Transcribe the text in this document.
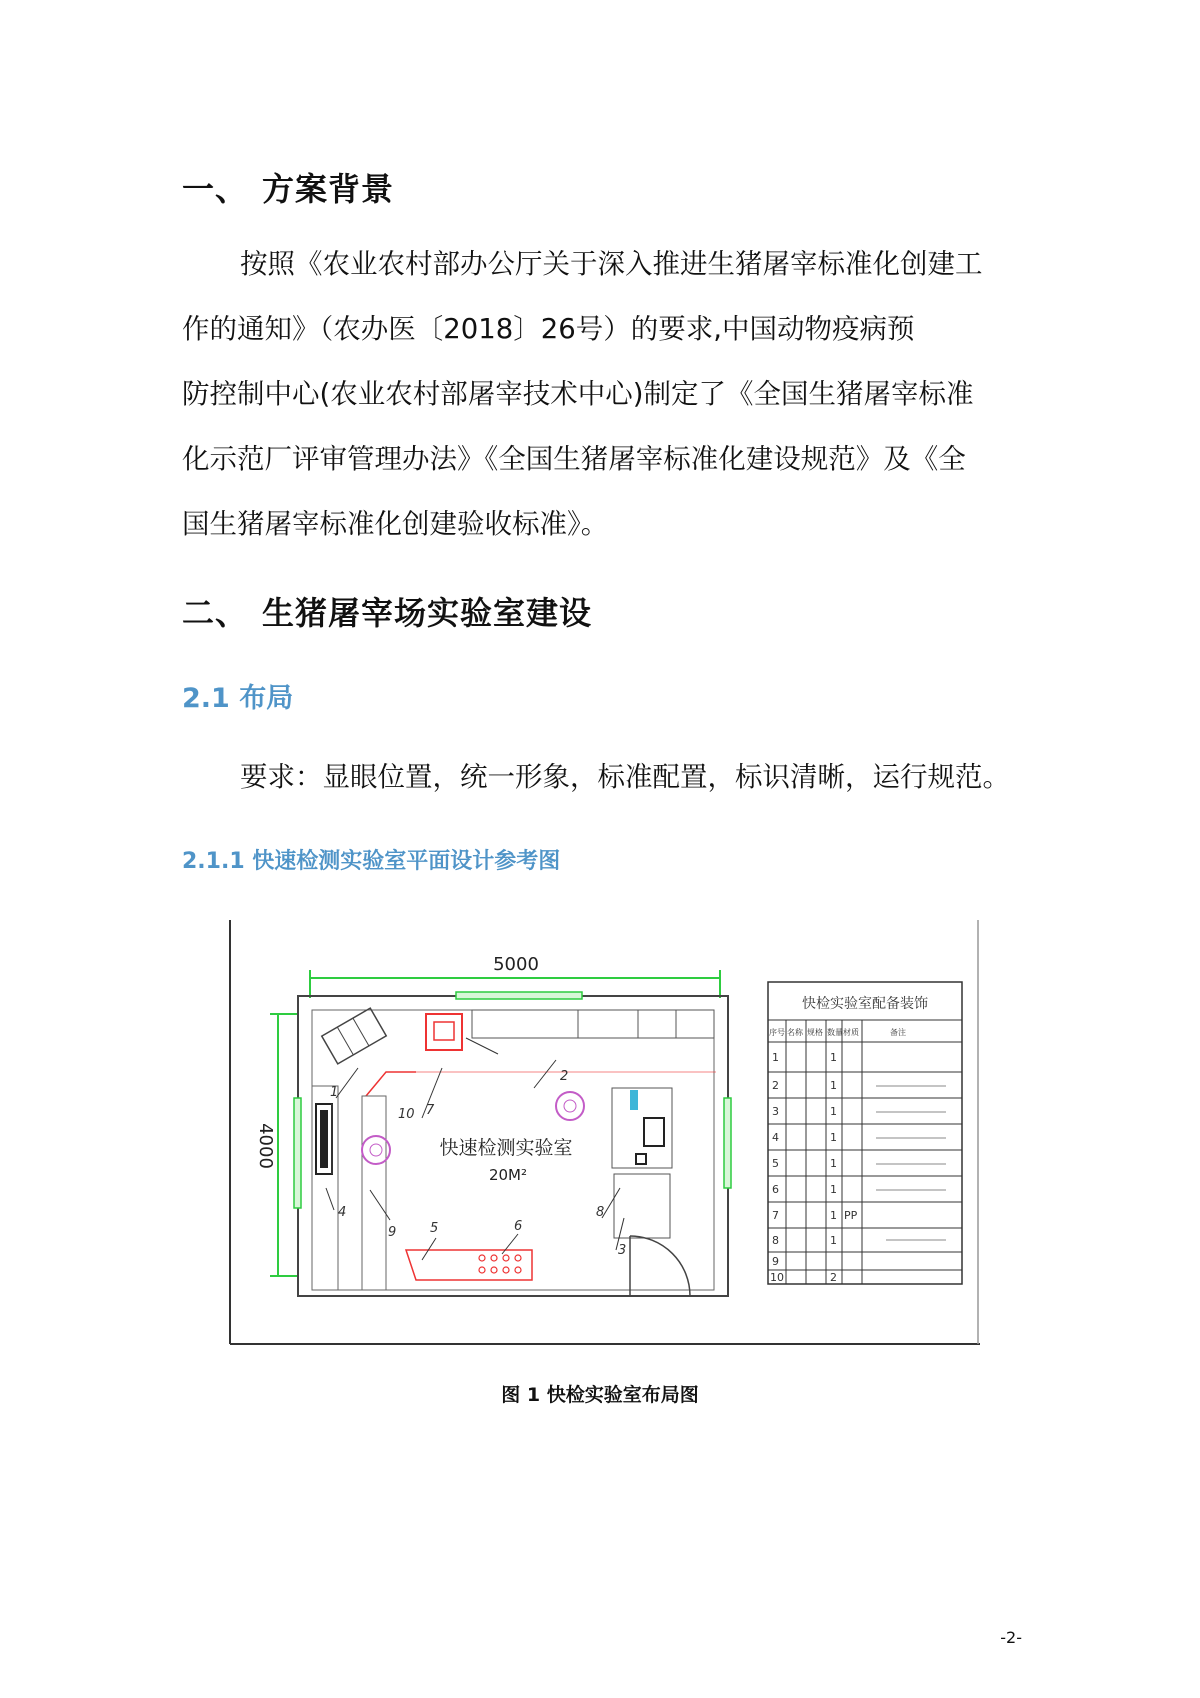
一、 方案背景
按照《农业农村部办公厅关于深入推进生猪屠宰标准化创建工
作的通知》（农办医〔2018〕26号）的要求,中国动物疫病预
防控制中心(农业农村部屠宰技术中心)制定了《全国生猪屠宰标准
化示范厂评审管理办法》《全国生猪屠宰标准化建设规范》及《全
国生猪屠宰标准化创建验收标准》。
二、 生猪屠宰场实验室建设
2.1 布局
要求：显眼位置，统一形象，标准配置，标识清晰，运行规范。
2.1.1 快速检测实验室平面设计参考图
5000
4000
1
2
3
4
5	6
7
8
9
10
快速检测实验室
20M²
快检实验室配备装饰
序号 名称 规格 数量 材质	备注
1	1
2	1
3	1
4	1
5	1
6	1
7	1 PP
8	1
9
10	2
图 1 快检实验室布局图
-2-
